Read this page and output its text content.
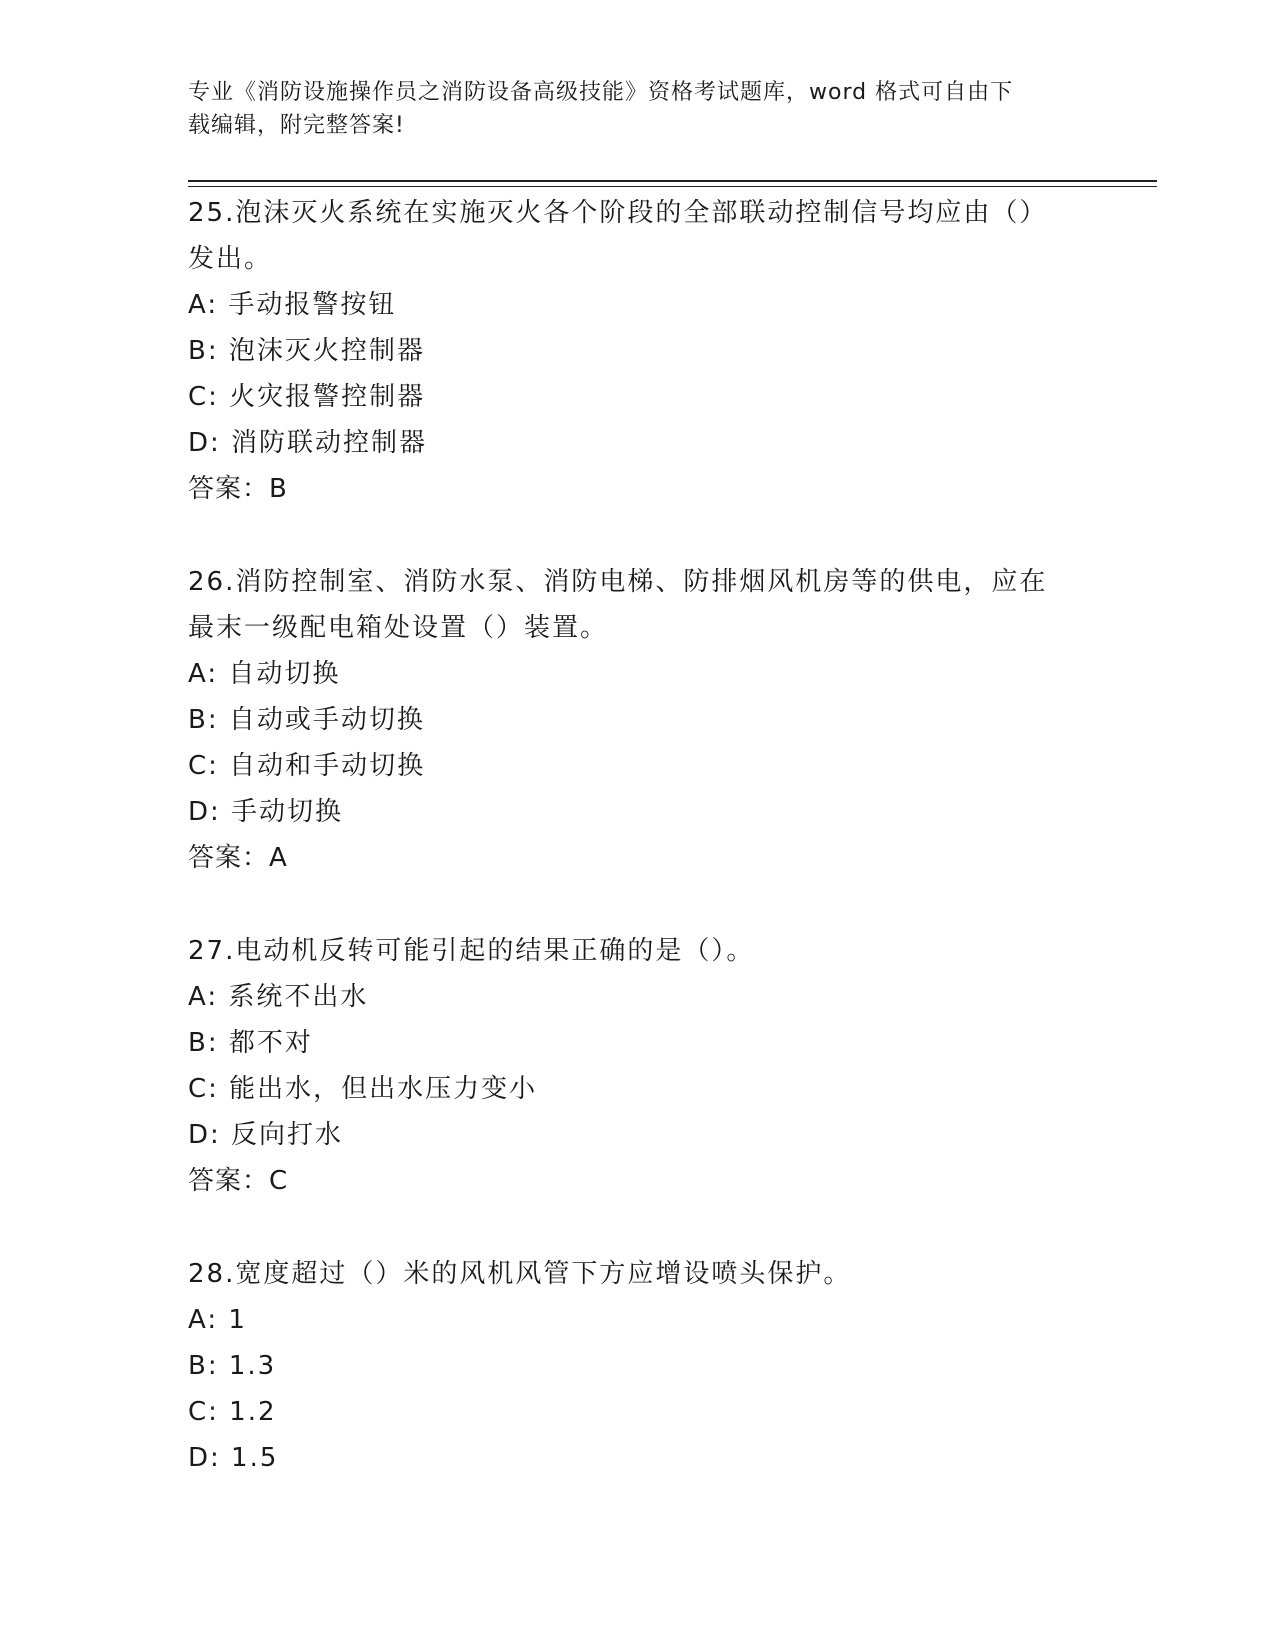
专业《消防设施操作员之消防设备高级技能》资格考试题库，word 格式可自由下
载编辑，附完整答案!
25.泡沫灭火系统在实施灭火各个阶段的全部联动控制信号均应由（）
发出。
A: 手动报警按钮
B: 泡沫灭火控制器
C: 火灾报警控制器
D: 消防联动控制器
答案：B
26.消防控制室、消防水泵、消防电梯、防排烟风机房等的供电，应在
最末一级配电箱处设置（）装置。
A: 自动切换
B: 自动或手动切换
C: 自动和手动切换
D: 手动切换
答案：A
27.电动机反转可能引起的结果正确的是（）。
A: 系统不出水
B: 都不对
C: 能出水，但出水压力变小
D: 反向打水
答案：C
28.宽度超过（）米的风机风管下方应增设喷头保护。
A: 1
B: 1.3
C: 1.2
D: 1.5
